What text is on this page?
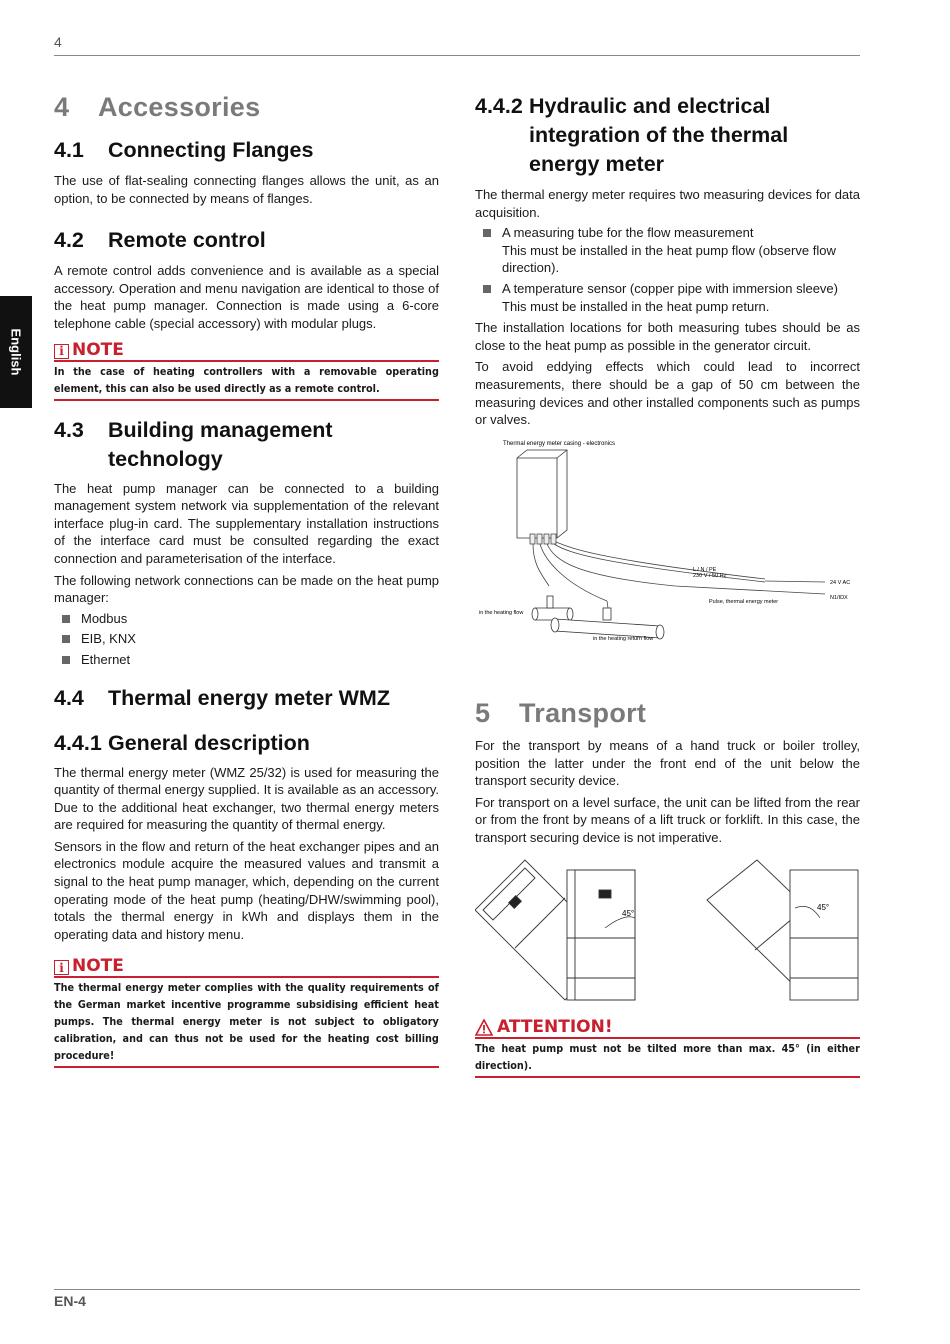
4
English
4 Accessories
4.1 Connecting Flanges

The use of flat-sealing connecting flanges allows the unit, as an option, to be connected by means of flanges.

4.2 Remote control

A remote control adds convenience and is available as a special accessory. Operation and menu navigation are identical to those of the heat pump manager. Connection is made using a 6-core telephone cable (special accessory) with modular plugs.

i NOTE
In the case of heating controllers with a removable operating element, this can also be used directly as a remote control.
4.3 Building management technology

The heat pump manager can be connected to a building management system network via supplementation of the relevant interface plug-in card. The supplementary installation instructions of the interface card must be consulted regarding the exact connection and parameterisation of the interface.

The following network connections can be made on the heat pump manager:

Modbus

EIB, KNX

Ethernet

4.4 Thermal energy meter WMZ
4.4.1 General description

The thermal energy meter (WMZ 25/32) is used for measuring the quantity of thermal energy supplied. It is available as an accessory. Due to the additional heat exchanger, two thermal energy meters are required for measuring the quantity of thermal energy.

Sensors in the flow and return of the heat exchanger pipes and an electronics module acquire the measured values and transmit a signal to the heat pump manager, which, depending on the current operating mode of the heat pump (heating/DHW/swimming pool), totals the thermal energy in kWh and displays them in the operating data and history menu.

i NOTE
The thermal energy meter complies with the quality requirements of the German market incentive programme subsidising efficient heat pumps. The thermal energy meter is not subject to obligatory calibration, and can thus not be used for the heating cost billing procedure!
4.4.2 Hydraulic and electrical integration of the thermal energy meter

The thermal energy meter requires two measuring devices for data acquisition.

A measuring tube for the flow measurement
This must be installed in the heat pump flow (observe flow direction).

A temperature sensor (copper pipe with immersion sleeve)
This must be installed in the heat pump return.

The installation locations for both measuring tubes should be as close to the heat pump as possible in the generator circuit.

To avoid eddying effects which could lead to incorrect measurements, there should be a gap of 50 cm between the measuring devices and other installed components such as pumps or valves.

Thermal energy meter casing - electronics
L / N / PE
230 V / 50 Hz
24 V AC
N1/IDX
Pulse, thermal energy meter
in the heating flow
in the heating return flow
5 Transport

For the transport by means of a hand truck or boiler trolley, position the latter under the front end of the unit below the transport security device.

For transport on a level surface, the unit can be lifted from the rear or from the front by means of a lift truck or forklift. In this case, the transport securing device is not imperative.

45°
45°
ATTENTION!
The heat pump must not be tilted more than max. 45° (in either direction).
EN-4
